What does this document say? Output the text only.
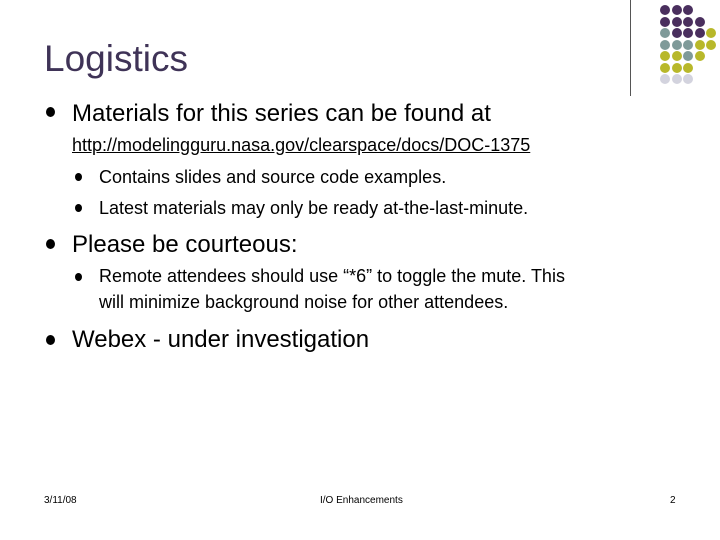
Logistics
Materials for this series can be found at
http://modelingguru.nasa.gov/clearspace/docs/DOC-1375
Contains slides and source code examples.
Latest materials may only be ready at-the-last-minute.
Please be courteous:
Remote attendees should use “*6” to toggle the mute. This
will minimize background noise for other attendees.
Webex - under investigation
3/11/08	I/O Enhancements	2
